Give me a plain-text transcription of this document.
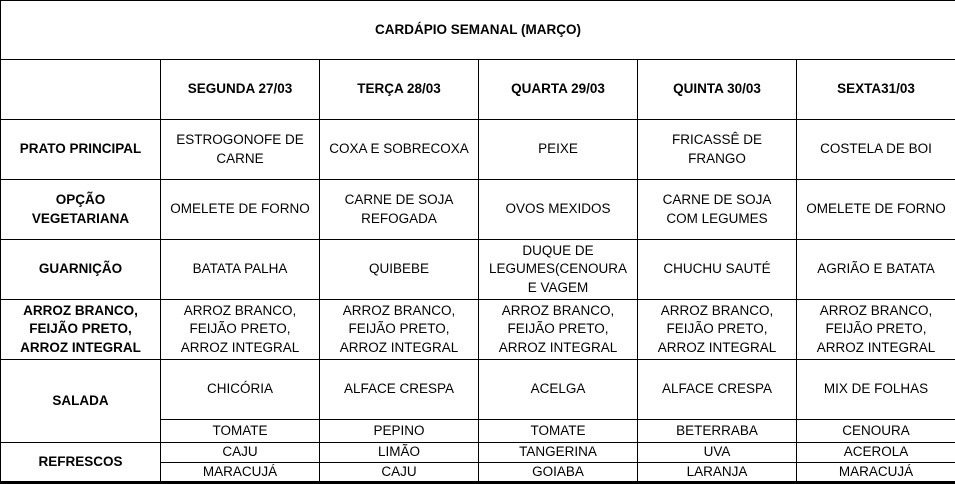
CARDÁPIO SEMANAL (MARÇO)					
	SEGUNDA 27/03	TERÇA 28/03	QUARTA 29/03	QUINTA 30/03	SEXTA31/03
PRATO PRINCIPAL	ESTROGONOFE DE CARNE	COXA E SOBRECOXA	PEIXE	FRICASSÊ DE FRANGO	COSTELA DE BOI
OPÇÃO VEGETARIANA	OMELETE DE FORNO	CARNE DE SOJA REFOGADA	OVOS MEXIDOS	CARNE DE SOJA COM LEGUMES	OMELETE DE FORNO
GUARNIÇÃO	BATATA PALHA	QUIBEBE	DUQUE DE LEGUMES(CENOURA E VAGEM	CHUCHU SAUTÉ	AGRIÃO E BATATA
ARROZ BRANCO, FEIJÃO PRETO, ARROZ INTEGRAL	ARROZ BRANCO, FEIJÃO PRETO, ARROZ INTEGRAL	ARROZ BRANCO, FEIJÃO PRETO, ARROZ INTEGRAL	ARROZ BRANCO, FEIJÃO PRETO, ARROZ INTEGRAL	ARROZ BRANCO, FEIJÃO PRETO, ARROZ INTEGRAL	ARROZ BRANCO, FEIJÃO PRETO, ARROZ INTEGRAL
SALADA	CHICÓRIA	ALFACE CRESPA	ACELGA	ALFACE CRESPA	MIX DE FOLHAS
	TOMATE	PEPINO	TOMATE	BETERRABA	CENOURA
REFRESCOS	CAJU	LIMÃO	TANGERINA	UVA	ACEROLA
	MARACUJÁ	CAJU	GOIABA	LARANJA	MARACUJÁ
